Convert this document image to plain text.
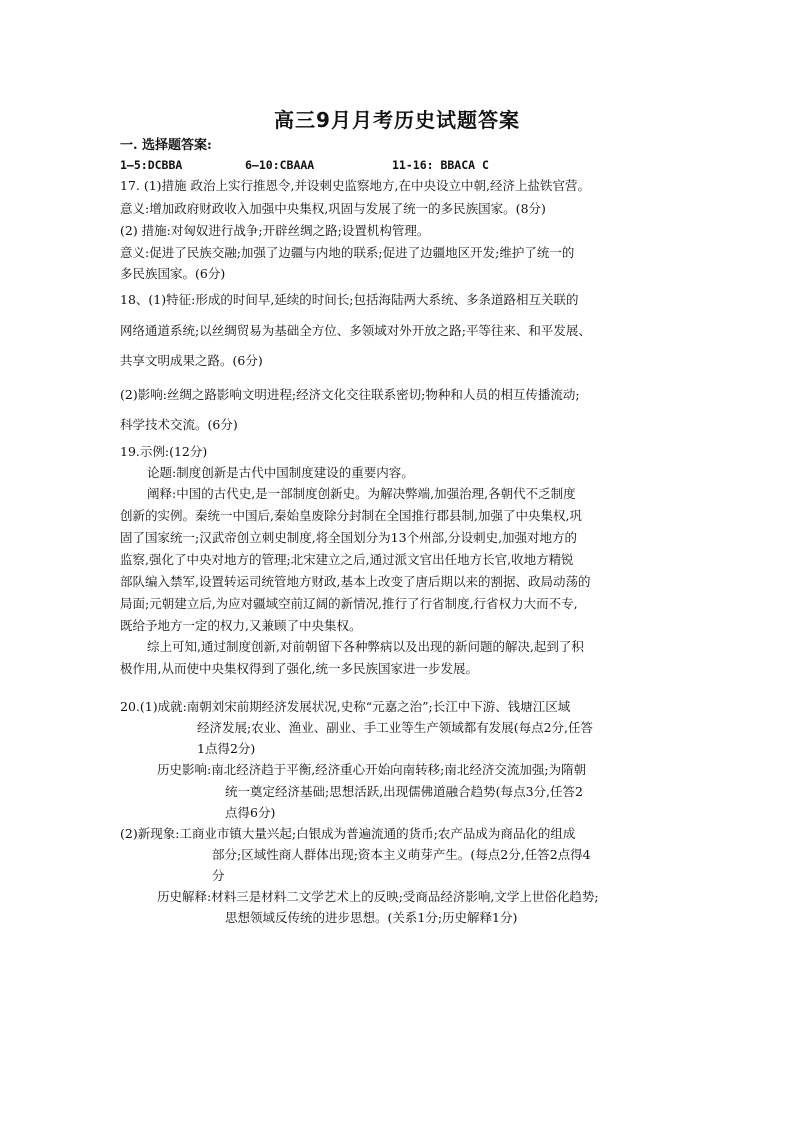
高三9月月考历史试题答案
一. 选择题答案:
1—5:DCBBA	6—10:CBAAA	11-16: BBACA C
17. (1)措施 政治上实行推恩令,并设刺史监察地方,在中央设立中朝,经济上盐铁官营。
意义:增加政府财政收入加强中央集权,巩固与发展了统一的多民族国家。(8分)
(2) 措施:对匈奴进行战争;开辟丝绸之路;设置机构管理。
意义:促进了民族交融;加强了边疆与内地的联系;促进了边疆地区开发;维护了统一的
多民族国家。(6分)
18、(1)特征:形成的时间早,延续的时间长;包括海陆两大系统、多条道路相互关联的
网络通道系统;以丝绸贸易为基础全方位、多领域对外开放之路;平等往来、和平发展、
共享文明成果之路。(6分)
(2)影响:丝绸之路影响文明进程;经济文化交往联系密切;物种和人员的相互传播流动;
科学技术交流。(6分)
19.示例:(12分)
论题:制度创新是古代中国制度建设的重要内容。
阐释:中国的古代史,是一部制度创新史。为解决弊端,加强治理,各朝代不乏制度
创新的实例。秦统一中国后,秦始皇废除分封制在全国推行郡县制,加强了中央集权,巩
固了国家统一;汉武帝创立刺史制度,将全国划分为13个州部,分设刺史,加强对地方的
监察,强化了中央对地方的管理;北宋建立之后,通过派文官出任地方长官,收地方精锐
部队编入禁军,设置转运司统管地方财政,基本上改变了唐后期以来的割据、政局动荡的
局面;元朝建立后,为应对疆域空前辽阔的新情况,推行了行省制度,行省权力大而不专,
既给予地方一定的权力,又兼顾了中央集权。
综上可知,通过制度创新,对前朝留下各种弊病以及出现的新问题的解决,起到了积
极作用,从而使中央集权得到了强化,统一多民族国家进一步发展。
20.(1)成就:南朝刘宋前期经济发展状况,史称“元嘉之治”;长江中下游、钱塘江区域
经济发展;农业、渔业、副业、手工业等生产领域都有发展(每点2分,任答
1点得2分)
历史影响:南北经济趋于平衡,经济重心开始向南转移;南北经济交流加强;为隋朝
统一奠定经济基础;思想活跃,出现儒佛道融合趋势(每点3分,任答2
点得6分)
(2)新现象:工商业市镇大量兴起;白银成为普遍流通的货币;农产品成为商品化的组成
部分;区域性商人群体出现;资本主义萌芽产生。(每点2分,任答2点得4
分
历史解释:材料三是材料二文学艺术上的反映;受商品经济影响,文学上世俗化趋势;
思想领域反传统的进步思想。(关系1分;历史解释1分)
